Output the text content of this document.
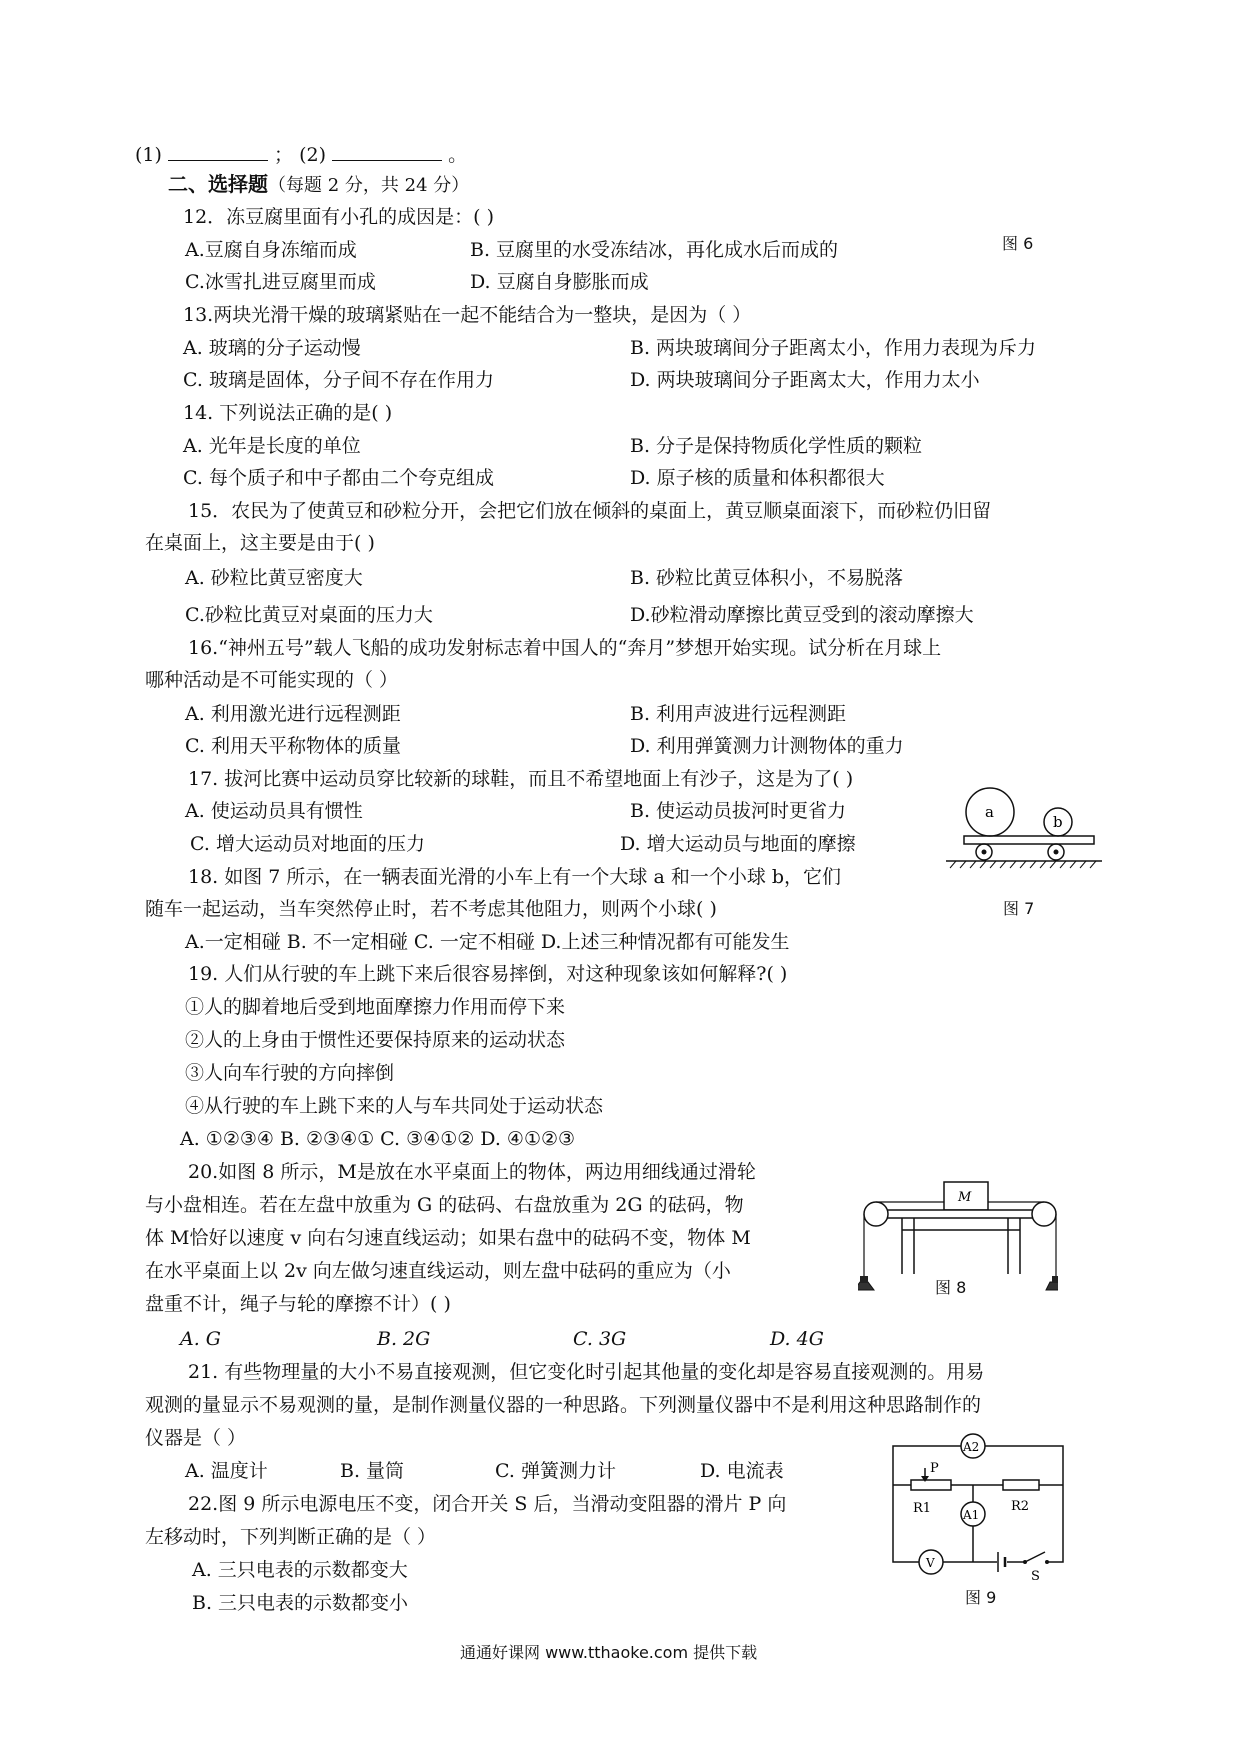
(1)	； (2)	。
二、选择题（每题 2 分，共 24 分）
12．冻豆腐里面有小孔的成因是：( )
A.豆腐自身冻缩而成	B. 豆腐里的水受冻结冰，再化成水后而成的	图 6
C.冰雪扎进豆腐里而成	D. 豆腐自身膨胀而成
13.两块光滑干燥的玻璃紧贴在一起不能结合为一整块，是因为（ ）
A. 玻璃的分子运动慢	B. 两块玻璃间分子距离太小，作用力表现为斥力
C. 玻璃是固体，分子间不存在作用力	D. 两块玻璃间分子距离太大，作用力太小
14. 下列说法正确的是( )
A. 光年是长度的单位	B. 分子是保持物质化学性质的颗粒
C. 每个质子和中子都由二个夸克组成	D. 原子核的质量和体积都很大
15．农民为了使黄豆和砂粒分开，会把它们放在倾斜的桌面上，黄豆顺桌面滚下，而砂粒仍旧留
在桌面上，这主要是由于( )
A. 砂粒比黄豆密度大	B. 砂粒比黄豆体积小，不易脱落
C.砂粒比黄豆对桌面的压力大	D.砂粒滑动摩擦比黄豆受到的滚动摩擦大
16.“神州五号”载人飞船的成功发射标志着中国人的“奔月”梦想开始实现。试分析在月球上
哪种活动是不可能实现的（ ）
A. 利用激光进行远程测距	B. 利用声波进行远程测距
C. 利用天平称物体的质量	D. 利用弹簧测力计测物体的重力
17. 拔河比赛中运动员穿比较新的球鞋，而且不希望地面上有沙子，这是为了( )
A. 使运动员具有惯性	B. 使运动员拔河时更省力
C. 增大运动员对地面的压力	D. 增大运动员与地面的摩擦
a
b
图 7
18. 如图 7 所示，在一辆表面光滑的小车上有一个大球 a 和一个小球 b，它们
随车一起运动，当车突然停止时，若不考虑其他阻力，则两个小球( )
A.一定相碰 B. 不一定相碰 C. 一定不相碰 D.上述三种情况都有可能发生
19. 人们从行驶的车上跳下来后很容易摔倒，对这种现象该如何解释?( )
①人的脚着地后受到地面摩擦力作用而停下来
②人的上身由于惯性还要保持原来的运动状态
③人向车行驶的方向摔倒
④从行驶的车上跳下来的人与车共同处于运动状态
A. ①②③④ B. ②③④① C. ③④①② D. ④①②③
20.如图 8 所示，M是放在水平桌面上的物体，两边用细线通过滑轮
与小盘相连。若在左盘中放重为 G 的砝码、右盘放重为 2G 的砝码，物
体 M恰好以速度 v 向右匀速直线运动；如果右盘中的砝码不变，物体 M
在水平桌面上以 2v 向左做匀速直线运动，则左盘中砝码的重应为（小
盘重不计，绳子与轮的摩擦不计）( )
A. G	B. 2G	C. 3G	D. 4G
M
图 8
21. 有些物理量的大小不易直接观测，但它变化时引起其他量的变化却是容易直接观测的。用易
观测的量显示不易观测的量，是制作测量仪器的一种思路。下列测量仪器中不是利用这种思路制作的
仪器是（ ）
A. 温度计	B. 量筒	C. 弹簧测力计	D. 电流表
A2
P
R1	R2
A1
V
S
图 9
22.图 9 所示电源电压不变，闭合开关 S 后，当滑动变阻器的滑片 P 向
左移动时，下列判断正确的是（ ）
A. 三只电表的示数都变大
B. 三只电表的示数都变小
通通好课网 www.tthaoke.com 提供下载
